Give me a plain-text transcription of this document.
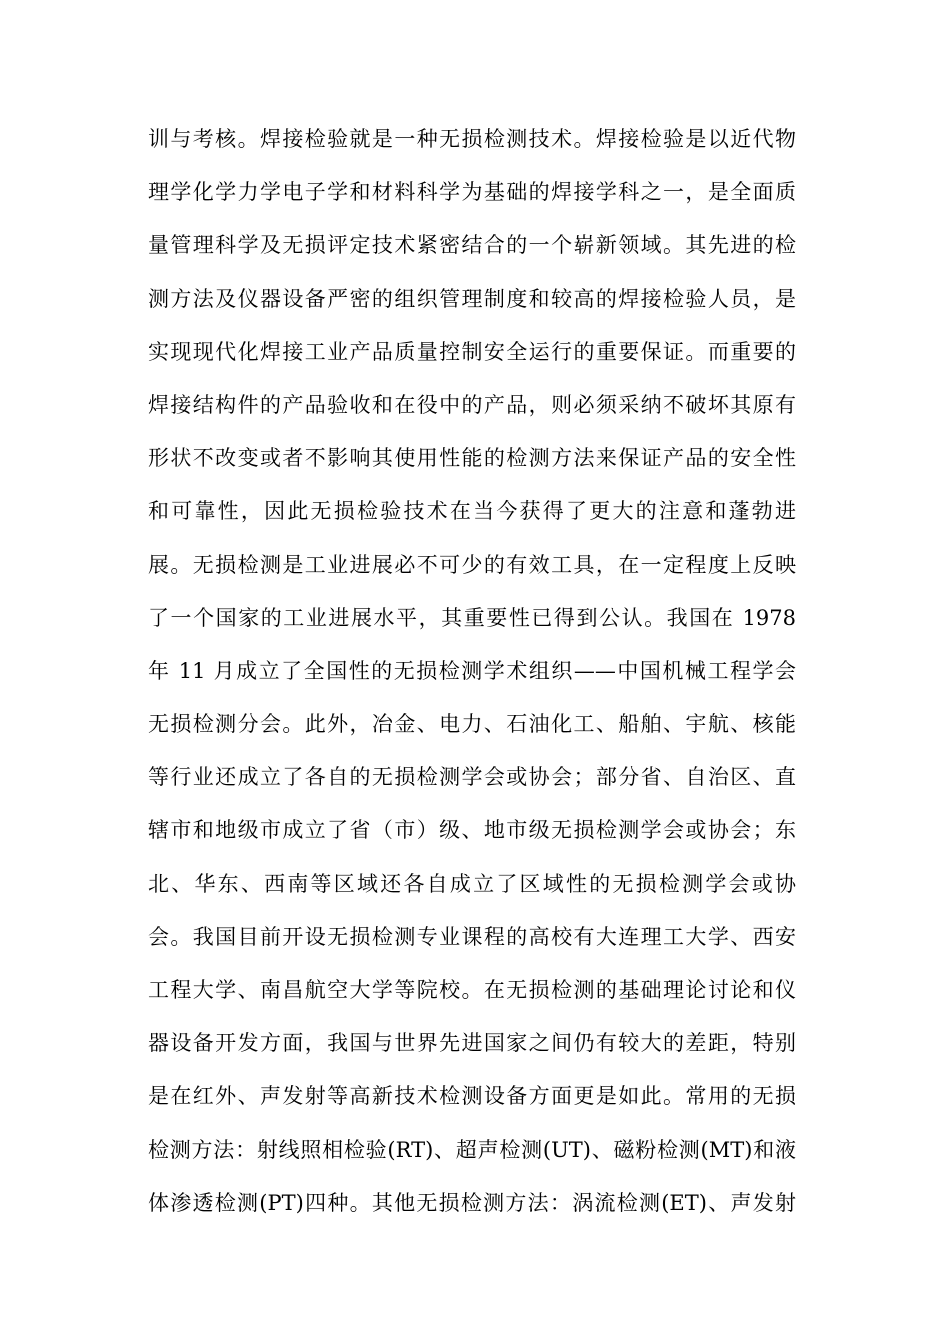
训与考核。焊接检验就是一种无损检测技术。焊接检验是以近代物
理学化学力学电子学和材料科学为基础的焊接学科之一，是全面质
量管理科学及无损评定技术紧密结合的一个崭新领域。其先进的检
测方法及仪器设备严密的组织管理制度和较高的焊接检验人员，是
实现现代化焊接工业产品质量控制安全运行的重要保证。而重要的
焊接结构件的产品验收和在役中的产品，则必须采纳不破坏其原有
形状不改变或者不影响其使用性能的检测方法来保证产品的安全性
和可靠性，因此无损检验技术在当今获得了更大的注意和蓬勃进
展。无损检测是工业进展必不可少的有效工具，在一定程度上反映
了一个国家的工业进展水平，其重要性已得到公认。我国在 1978
年 11 月成立了全国性的无损检测学术组织——中国机械工程学会
无损检测分会。此外，冶金、电力、石油化工、船舶、宇航、核能
等行业还成立了各自的无损检测学会或协会；部分省、自治区、直
辖市和地级市成立了省（市）级、地市级无损检测学会或协会；东
北、华东、西南等区域还各自成立了区域性的无损检测学会或协
会。我国目前开设无损检测专业课程的高校有大连理工大学、西安
工程大学、南昌航空大学等院校。在无损检测的基础理论讨论和仪
器设备开发方面，我国与世界先进国家之间仍有较大的差距，特别
是在红外、声发射等高新技术检测设备方面更是如此。常用的无损
检测方法：射线照相检验(RT)、超声检测(UT)、磁粉检测(MT)和液
体渗透检测(PT)四种。其他无损检测方法：涡流检测(ET)、声发射
